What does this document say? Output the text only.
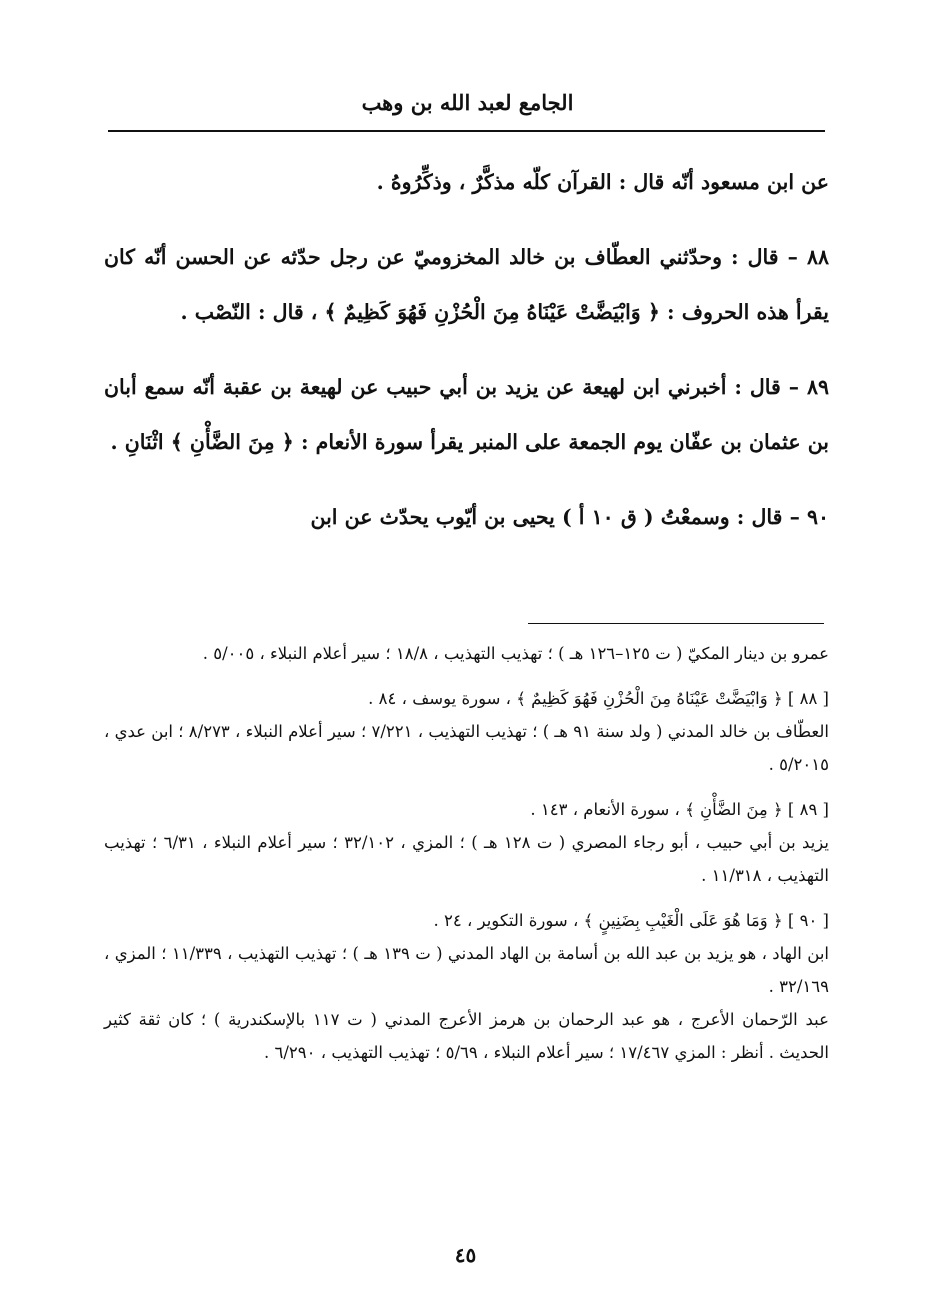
الجامع لعبد الله بن وهب

عن ابن مسعود أنّه قال : القرآن كلّه مذكَّرٌ ، وذكِّرُوهُ .

٨٨ – قال : وحدّثني العطّاف بن خالد المخزوميّ عن رجل حدّثه عن الحسن أنّه كان يقرأ هذه الحروف : ﴿ وَابْيَضَّتْ عَيْنَاهُ مِنَ الْحُزْنِ فَهُوَ كَظِيمٌ ﴾ ، قال : النّصْب .

٨٩ – قال : أخبرني ابن لهيعة عن يزيد بن أبي حبيب عن لهيعة بن عقبة أنّه سمع أبان بن عثمان بن عفّان يوم الجمعة على المنبر يقرأ سورة الأنعام : ﴿ مِنَ الضَّأْنِ ﴾ اثْنَانِ .

٩٠ – قال : وسمعْتُ ( ق ١٠ أ ) يحيى بن أيّوب يحدّث عن ابن

عمرو بن دينار المكيّ ( ت ١٢٥–١٢٦ هـ ) ؛ تهذيب التهذيب ، ١٨/٨ ؛ سير أعلام النبلاء ، ٥/٠٠٥ .

[ ٨٨ ] ﴿ وَابْيَضَّتْ عَيْنَاهُ مِنَ الْحُزْنِ فَهُوَ كَظِيمٌ ﴾ ، سورة يوسف ، ٨٤ .

العطّاف بن خالد المدني ( ولد سنة ٩١ هـ ) ؛ تهذيب التهذيب ، ٧/٢٢١ ؛ سير أعلام النبلاء ، ٨/٢٧٣ ؛ ابن عدي ، ٥/٢٠١٥ .

[ ٨٩ ] ﴿ مِنَ الضَّأْنِ ﴾ ، سورة الأنعام ، ١٤٣ .

يزيد بن أبي حبيب ، أبو رجاء المصري ( ت ١٢٨ هـ ) ؛ المزي ، ٣٢/١٠٢ ؛ سير أعلام النبلاء ، ٦/٣١ ؛ تهذيب التهذيب ، ١١/٣١٨ .

[ ٩٠ ] ﴿ وَمَا هُوَ عَلَى الْغَيْبِ بِضَنِينٍ ﴾ ، سورة التكوير ، ٢٤ .

ابن الهاد ، هو يزيد بن عبد الله بن أسامة بن الهاد المدني ( ت ١٣٩ هـ ) ؛ تهذيب التهذيب ، ١١/٣٣٩ ؛ المزي ، ٣٢/١٦٩ .

عبد الرّحمان الأعرج ، هو عبد الرحمان بن هرمز الأعرج المدني ( ت ١١٧ بالإسكندرية ) ؛ كان ثقة كثير الحديث . أنظر : المزي ١٧/٤٦٧ ؛ سير أعلام النبلاء ، ٥/٦٩ ؛ تهذيب التهذيب ، ٦/٢٩٠ .

٤٥
